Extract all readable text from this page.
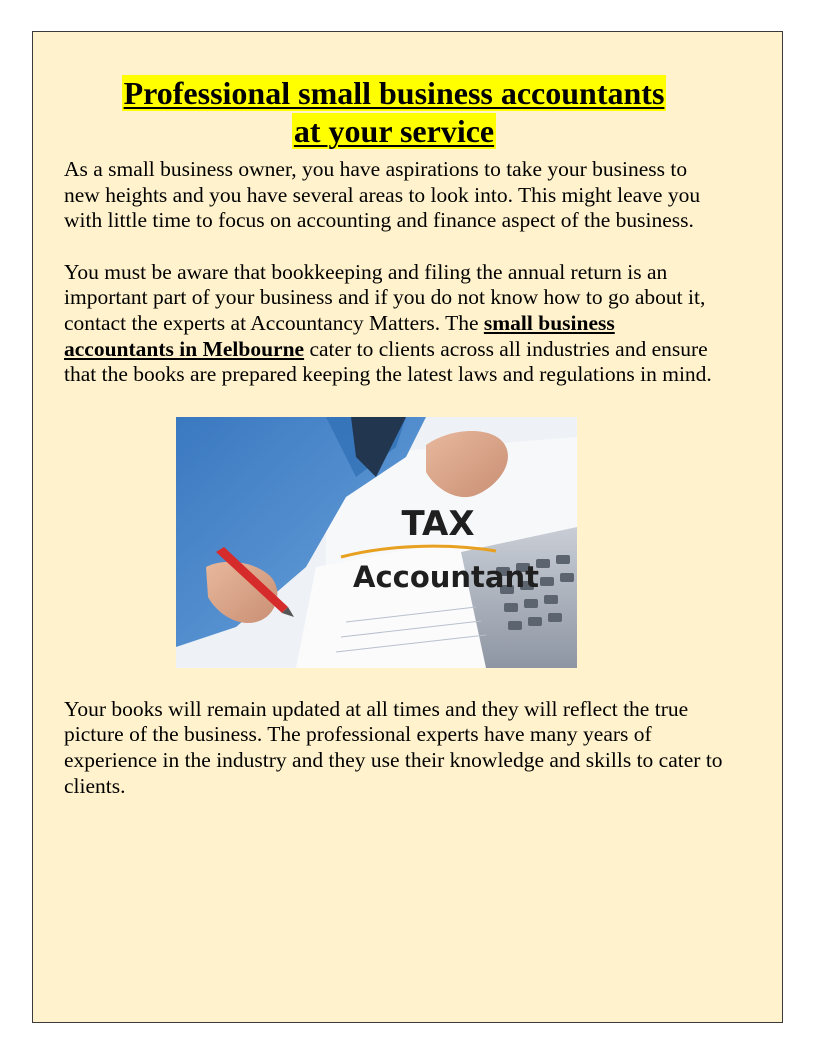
Professional small business accountants
at your service

As a small business owner, you have aspirations to take your business to new heights and you have several areas to look into. This might leave you with little time to focus on accounting and finance aspect of the business.

You must be aware that bookkeeping and filing the annual return is an important part of your business and if you do not know how to go about it, contact the experts at Accountancy Matters. The small business accountants in Melbourne cater to clients across all industries and ensure that the books are prepared keeping the latest laws and regulations in mind.

TAX
Accountant

Your books will remain updated at all times and they will reflect the true picture of the business. The professional experts have many years of experience in the industry and they use their knowledge and skills to cater to clients.
